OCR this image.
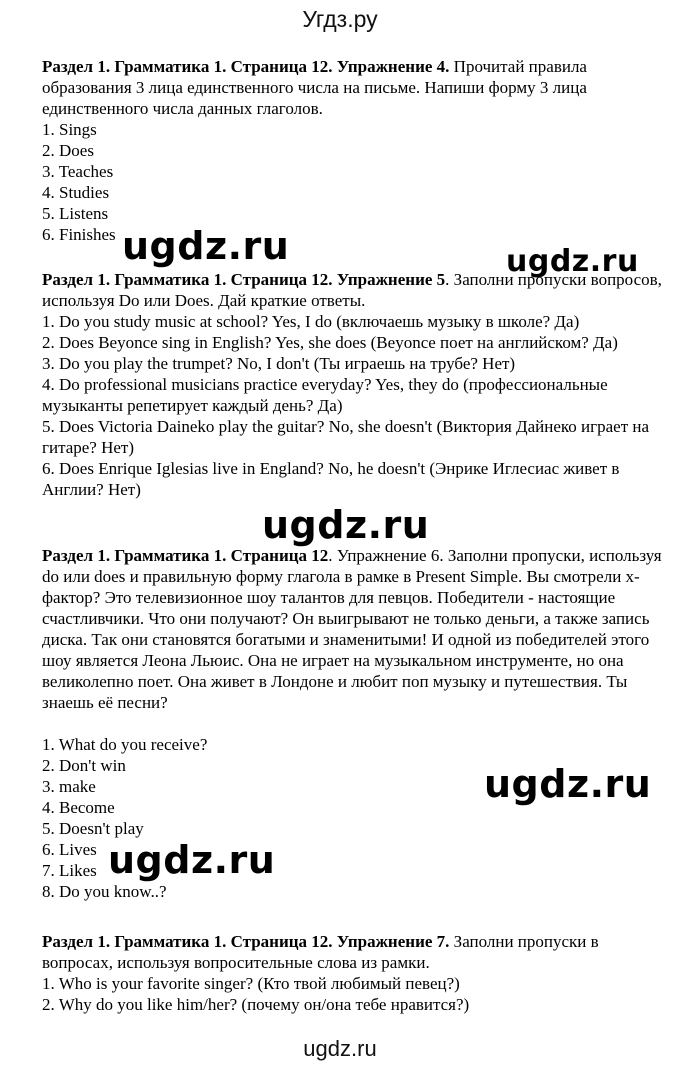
Угдз.ру

Раздел 1. Грамматика 1. Страница 12. Упражнение 4. Прочитай правила образования 3 лица единственного числа на письме. Напиши форму 3 лица единственного числа данных глаголов.

1. Sings
2. Does
3. Teaches
4. Studies
5. Listens
6. Finishes

Раздел 1. Грамматика 1. Страница 12. Упражнение 5. Заполни пропуски вопросов, используя Do или Does. Дай краткие ответы.

1. Do you study music at school? Yes, I do (включаешь музыку в школе? Да)
2. Does Beyonce sing in English? Yes, she does (Beyonce поет на английском? Да)
3. Do you play the trumpet? No, I don't (Ты играешь на трубе? Нет)
4. Do professional musicians practice everyday? Yes, they do (профессиональные музыканты репетирует каждый день? Да)
5. Does Victoria Daineko play the guitar? No, she doesn't (Виктория Дайнеко играет на гитаре? Нет)
6. Does Enrique Iglesias live in England? No, he doesn't (Энрике Иглесиас живет в Англии? Нет)

Раздел 1. Грамматика 1. Страница 12. Упражнение 6. Заполни пропуски, используя do или does и правильную форму глагола в рамке в Present Simple. Вы смотрели х-фактор? Это телевизионное шоу талантов для певцов. Победители - настоящие счастливчики. Что они получают? Он выигрывают не только деньги, а также запись диска. Так они становятся богатыми и знаменитыми! И одной из победителей этого шоу является Леона Льюис. Она не играет на музыкальном инструменте, но она великолепно поет. Она живет в Лондоне и любит поп музыку и путешествия. Ты знаешь её песни?

1. What do you receive?
2. Don't win
3. make
4. Become
5. Doesn't play
6. Lives
7. Likes
8. Do you know..?

Раздел 1. Грамматика 1. Страница 12. Упражнение 7. Заполни пропуски в вопросах, используя вопросительные слова из рамки.

1. Who is your favorite singer? (Кто твой любимый певец?)
2. Why do you like him/her? (почему он/она тебе нравится?)
ugdz.ru	ugdz.ru
ugdz.ru
ugdz.ru
ugdz.ru
ugdz.ru
